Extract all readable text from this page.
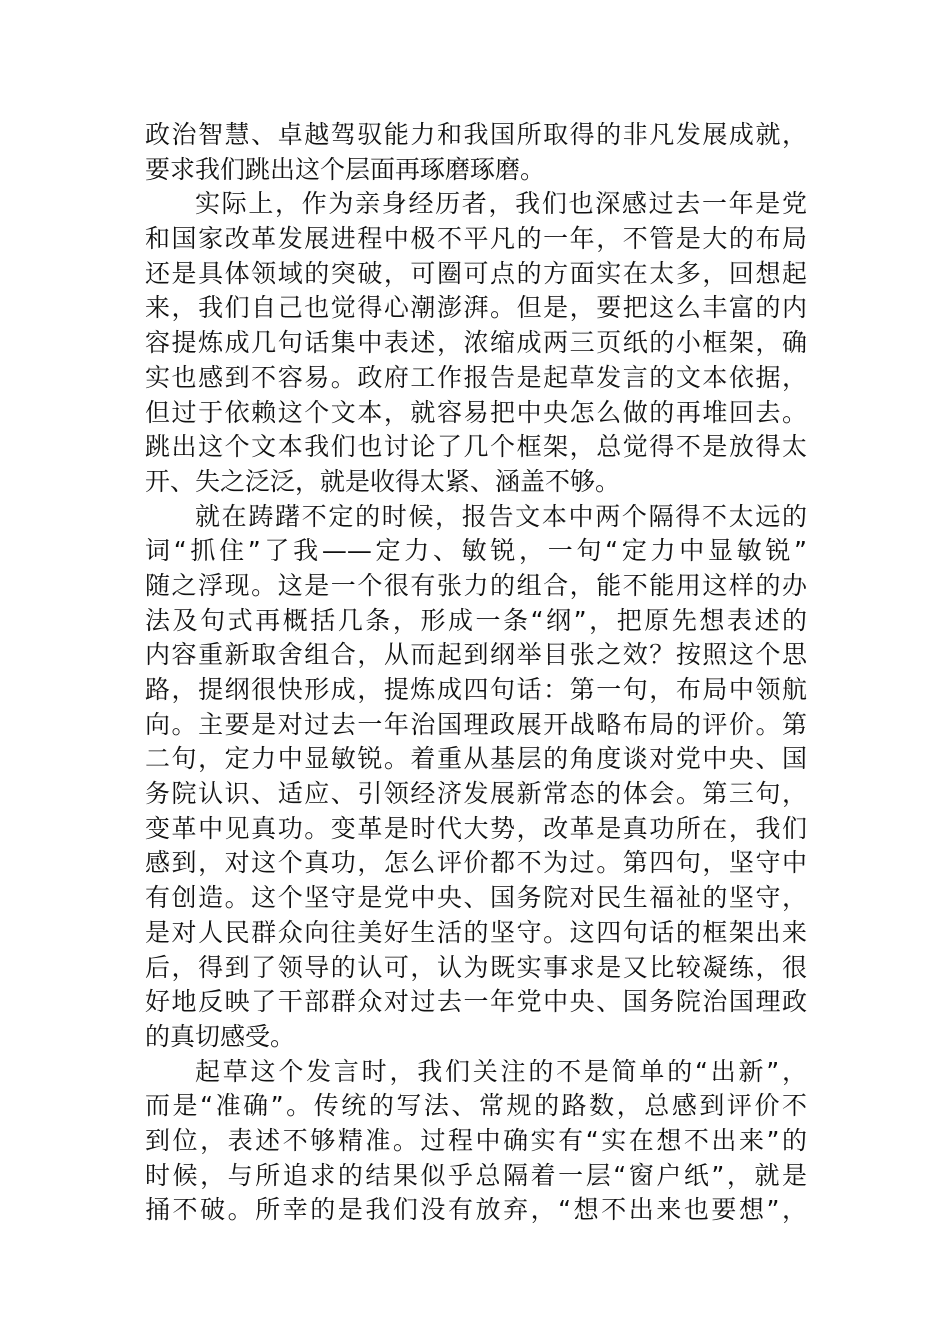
政治智慧、卓越驾驭能力和我国所取得的非凡发展成就，
要求我们跳出这个层面再琢磨琢磨。
实际上，作为亲身经历者，我们也深感过去一年是党
和国家改革发展进程中极不平凡的一年，不管是大的布局
还是具体领域的突破，可圈可点的方面实在太多，回想起
来，我们自己也觉得心潮澎湃。但是，要把这么丰富的内
容提炼成几句话集中表述，浓缩成两三页纸的小框架，确
实也感到不容易。政府工作报告是起草发言的文本依据，
但过于依赖这个文本，就容易把中央怎么做的再堆回去。
跳出这个文本我们也讨论了几个框架，总觉得不是放得太
开、失之泛泛，就是收得太紧、涵盖不够。
就在踌躇不定的时候，报告文本中两个隔得不太远的
词“抓住”了我——定力、敏锐，一句“定力中显敏锐”
随之浮现。这是一个很有张力的组合，能不能用这样的办
法及句式再概括几条，形成一条“纲”，把原先想表述的
内容重新取舍组合，从而起到纲举目张之效？按照这个思
路，提纲很快形成，提炼成四句话：第一句，布局中领航
向。主要是对过去一年治国理政展开战略布局的评价。第
二句，定力中显敏锐。着重从基层的角度谈对党中央、国
务院认识、适应、引领经济发展新常态的体会。第三句，
变革中见真功。变革是时代大势，改革是真功所在，我们
感到，对这个真功，怎么评价都不为过。第四句，坚守中
有创造。这个坚守是党中央、国务院对民生福祉的坚守，
是对人民群众向往美好生活的坚守。这四句话的框架出来
后，得到了领导的认可，认为既实事求是又比较凝练，很
好地反映了干部群众对过去一年党中央、国务院治国理政
的真切感受。
起草这个发言时，我们关注的不是简单的“出新”，
而是“准确”。传统的写法、常规的路数，总感到评价不
到位，表述不够精准。过程中确实有“实在想不出来”的
时候，与所追求的结果似乎总隔着一层“窗户纸”，就是
捅不破。所幸的是我们没有放弃，“想不出来也要想”，
